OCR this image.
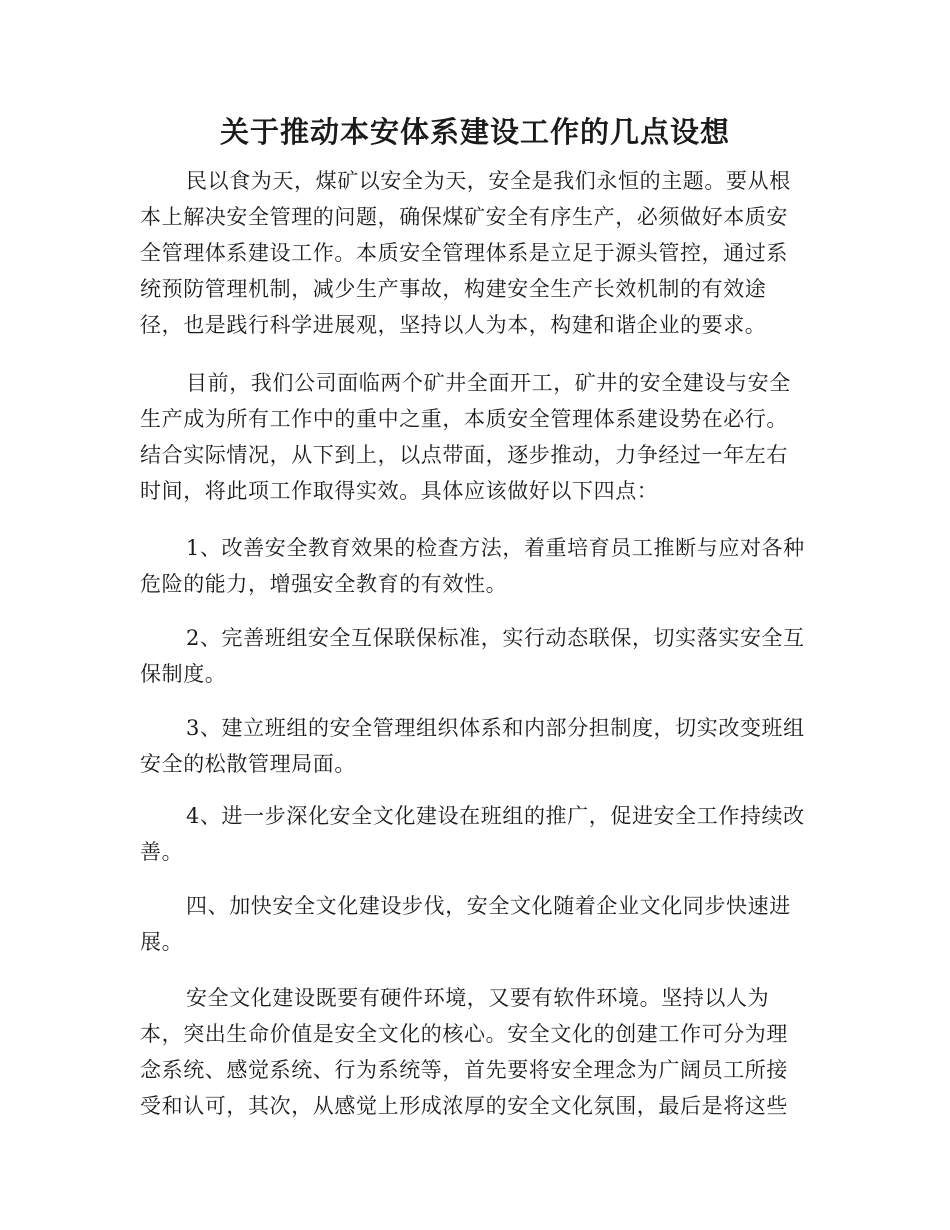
关于推动本安体系建设工作的几点设想
民以食为天，煤矿以安全为天，安全是我们永恒的主题。要从根
本上解决安全管理的问题，确保煤矿安全有序生产，必须做好本质安
全管理体系建设工作。本质安全管理体系是立足于源头管控，通过系
统预防管理机制，减少生产事故，构建安全生产长效机制的有效途
径，也是践行科学进展观，坚持以人为本，构建和谐企业的要求。
目前，我们公司面临两个矿井全面开工，矿井的安全建设与安全
生产成为所有工作中的重中之重，本质安全管理体系建设势在必行。
结合实际情况，从下到上，以点带面，逐步推动，力争经过一年左右
时间，将此项工作取得实效。具体应该做好以下四点：
1、改善安全教育效果的检查方法，着重培育员工推断与应对各种
危险的能力，增强安全教育的有效性。
2、完善班组安全互保联保标准，实行动态联保，切实落实安全互
保制度。
3、建立班组的安全管理组织体系和内部分担制度，切实改变班组
安全的松散管理局面。
4、进一步深化安全文化建设在班组的推广，促进安全工作持续改
善。
四、加快安全文化建设步伐，安全文化随着企业文化同步快速进
展。
安全文化建设既要有硬件环境，又要有软件环境。坚持以人为
本，突出生命价值是安全文化的核心。安全文化的创建工作可分为理
念系统、感觉系统、行为系统等，首先要将安全理念为广阔员工所接
受和认可，其次，从感觉上形成浓厚的安全文化氛围，最后是将这些
